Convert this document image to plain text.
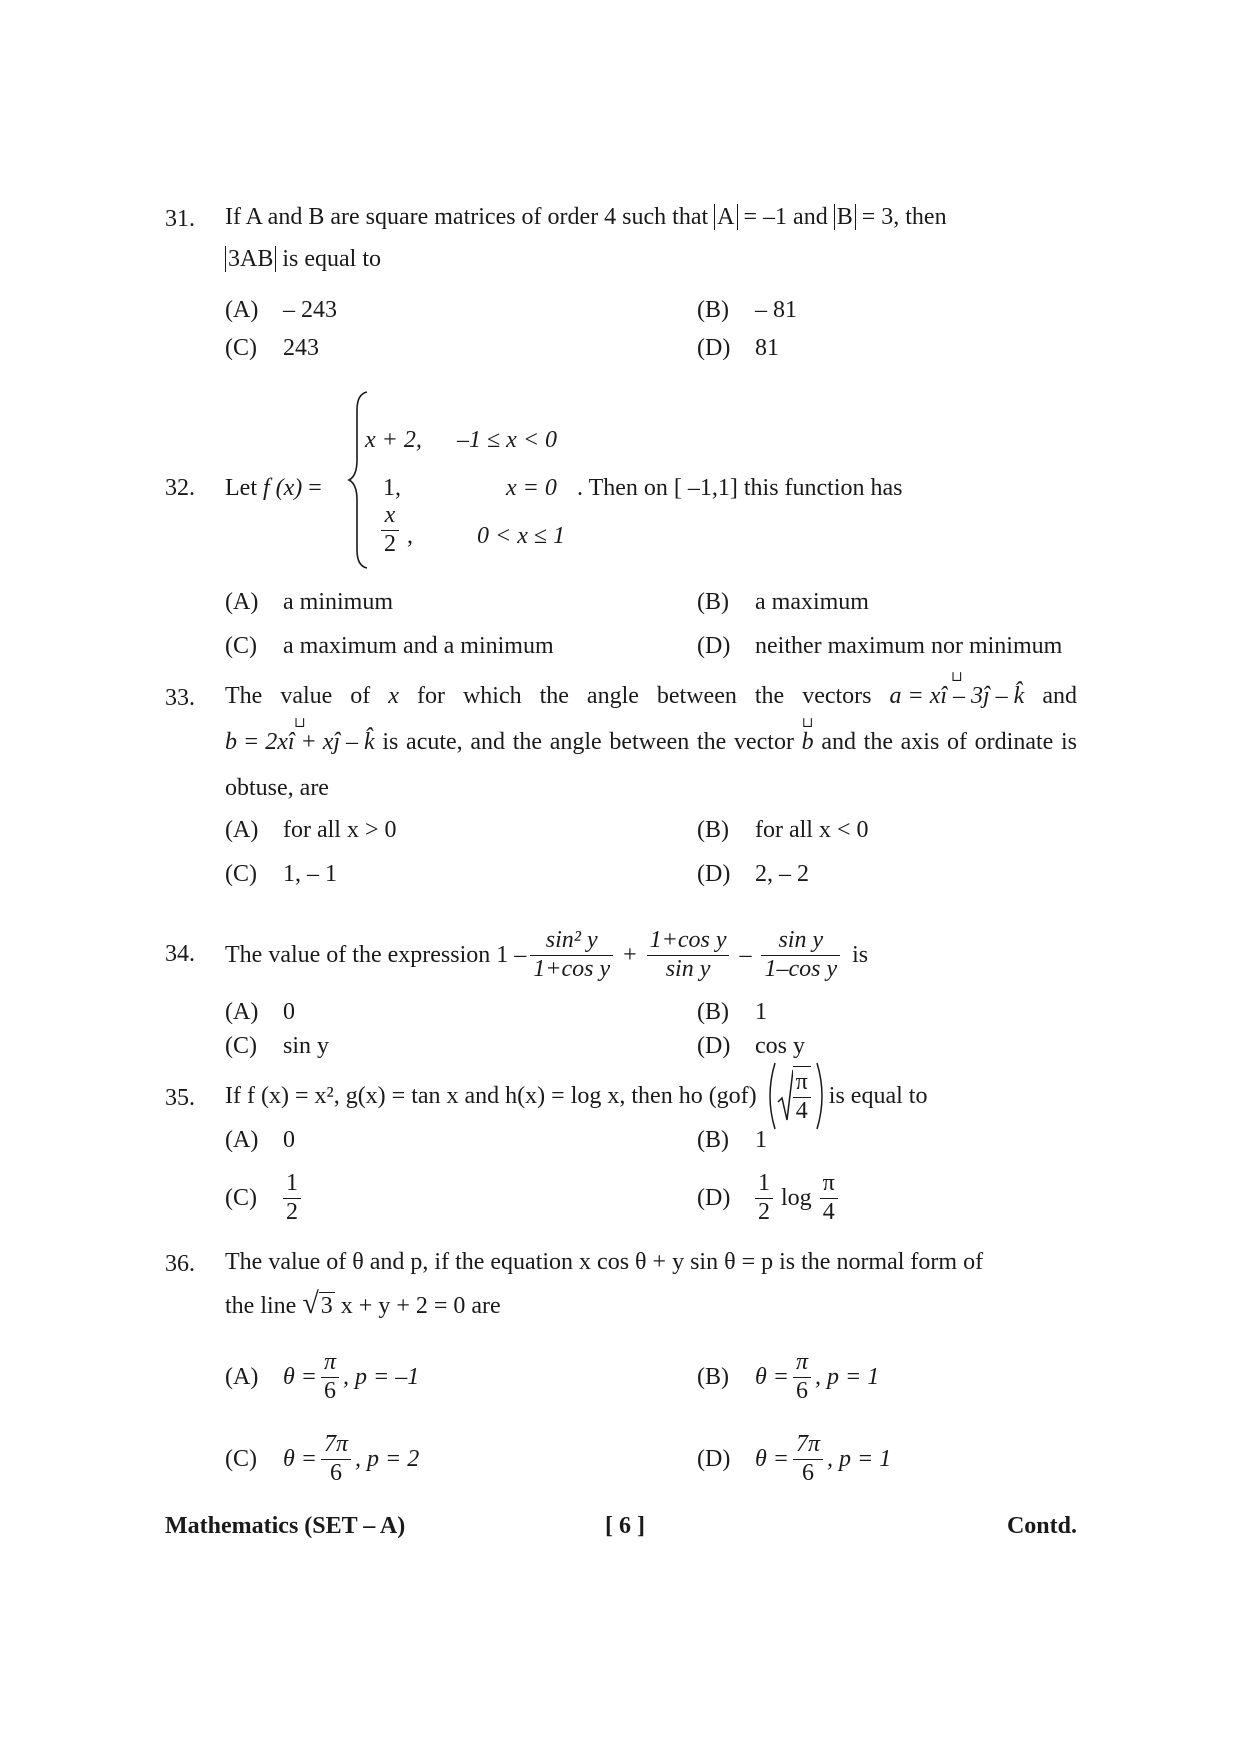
31.	If A and B are square matrices of order 4 such that A = –1 and B = 3, then
3AB is equal to
(A) – 243	(B) – 81
(C) 243	(D) 81
32.	Let f (x) =
x + 2, –1 ≤ x < 0
1,	x = 0
$\frac{x}{2}$ ,	0 < x ≤ 1
. Then on [ –1,1] this function has
(A) a minimum	(B) a maximum
(C) a maximum and a minimum	(D) neither maximum nor minimum
33.	The value of x for which the angle between the vectors ⊔ a = xî – 3ĵ – k̂ and ⊔ b = 2xî + xĵ – k̂ is acute, and the angle between the vector ⊔ b and the axis of ordinate is obtuse, are
(A) for all x > 0	(B) for all x < 0
(C) 1, – 1	(D) 2, – 2
34.	The value of the expression $1 - \frac{\text{sin² y}}{\text{1+cos y}} + \frac{\text{1+cos y}}{\text{sin y}} - \frac{\text{sin y}}{\text{1–cos y}}$ is
(A) 0	(B) 1
(C) sin y	(D) cos y
35.	If f (x) = x², g(x) = tan x and h(x) = log x, then ho $(gof) \frac{\pi}{4}$ is equal to
(A) 0	(B) 1
(C)	$\frac{1}{2}$	(D)	$\frac{1}{2}$ $\log \frac{\pi}{4}$
36.	The value of θ and p, if the equation x cos θ + y sin θ = p is the normal form of
the line √3 x + y + 2 = 0 are
(A)	$\theta = \frac{\pi}{6}$ , p = –1	(B)	$\theta = \frac{\pi}{6}$ , p = 1
(C)	$\theta = \frac{7\pi}{6}$ , p = 2	(D)	$\theta = \frac{7\pi}{6}$ , p = 1
Mathematics (SET – A)	[ 6 ]	Contd.
